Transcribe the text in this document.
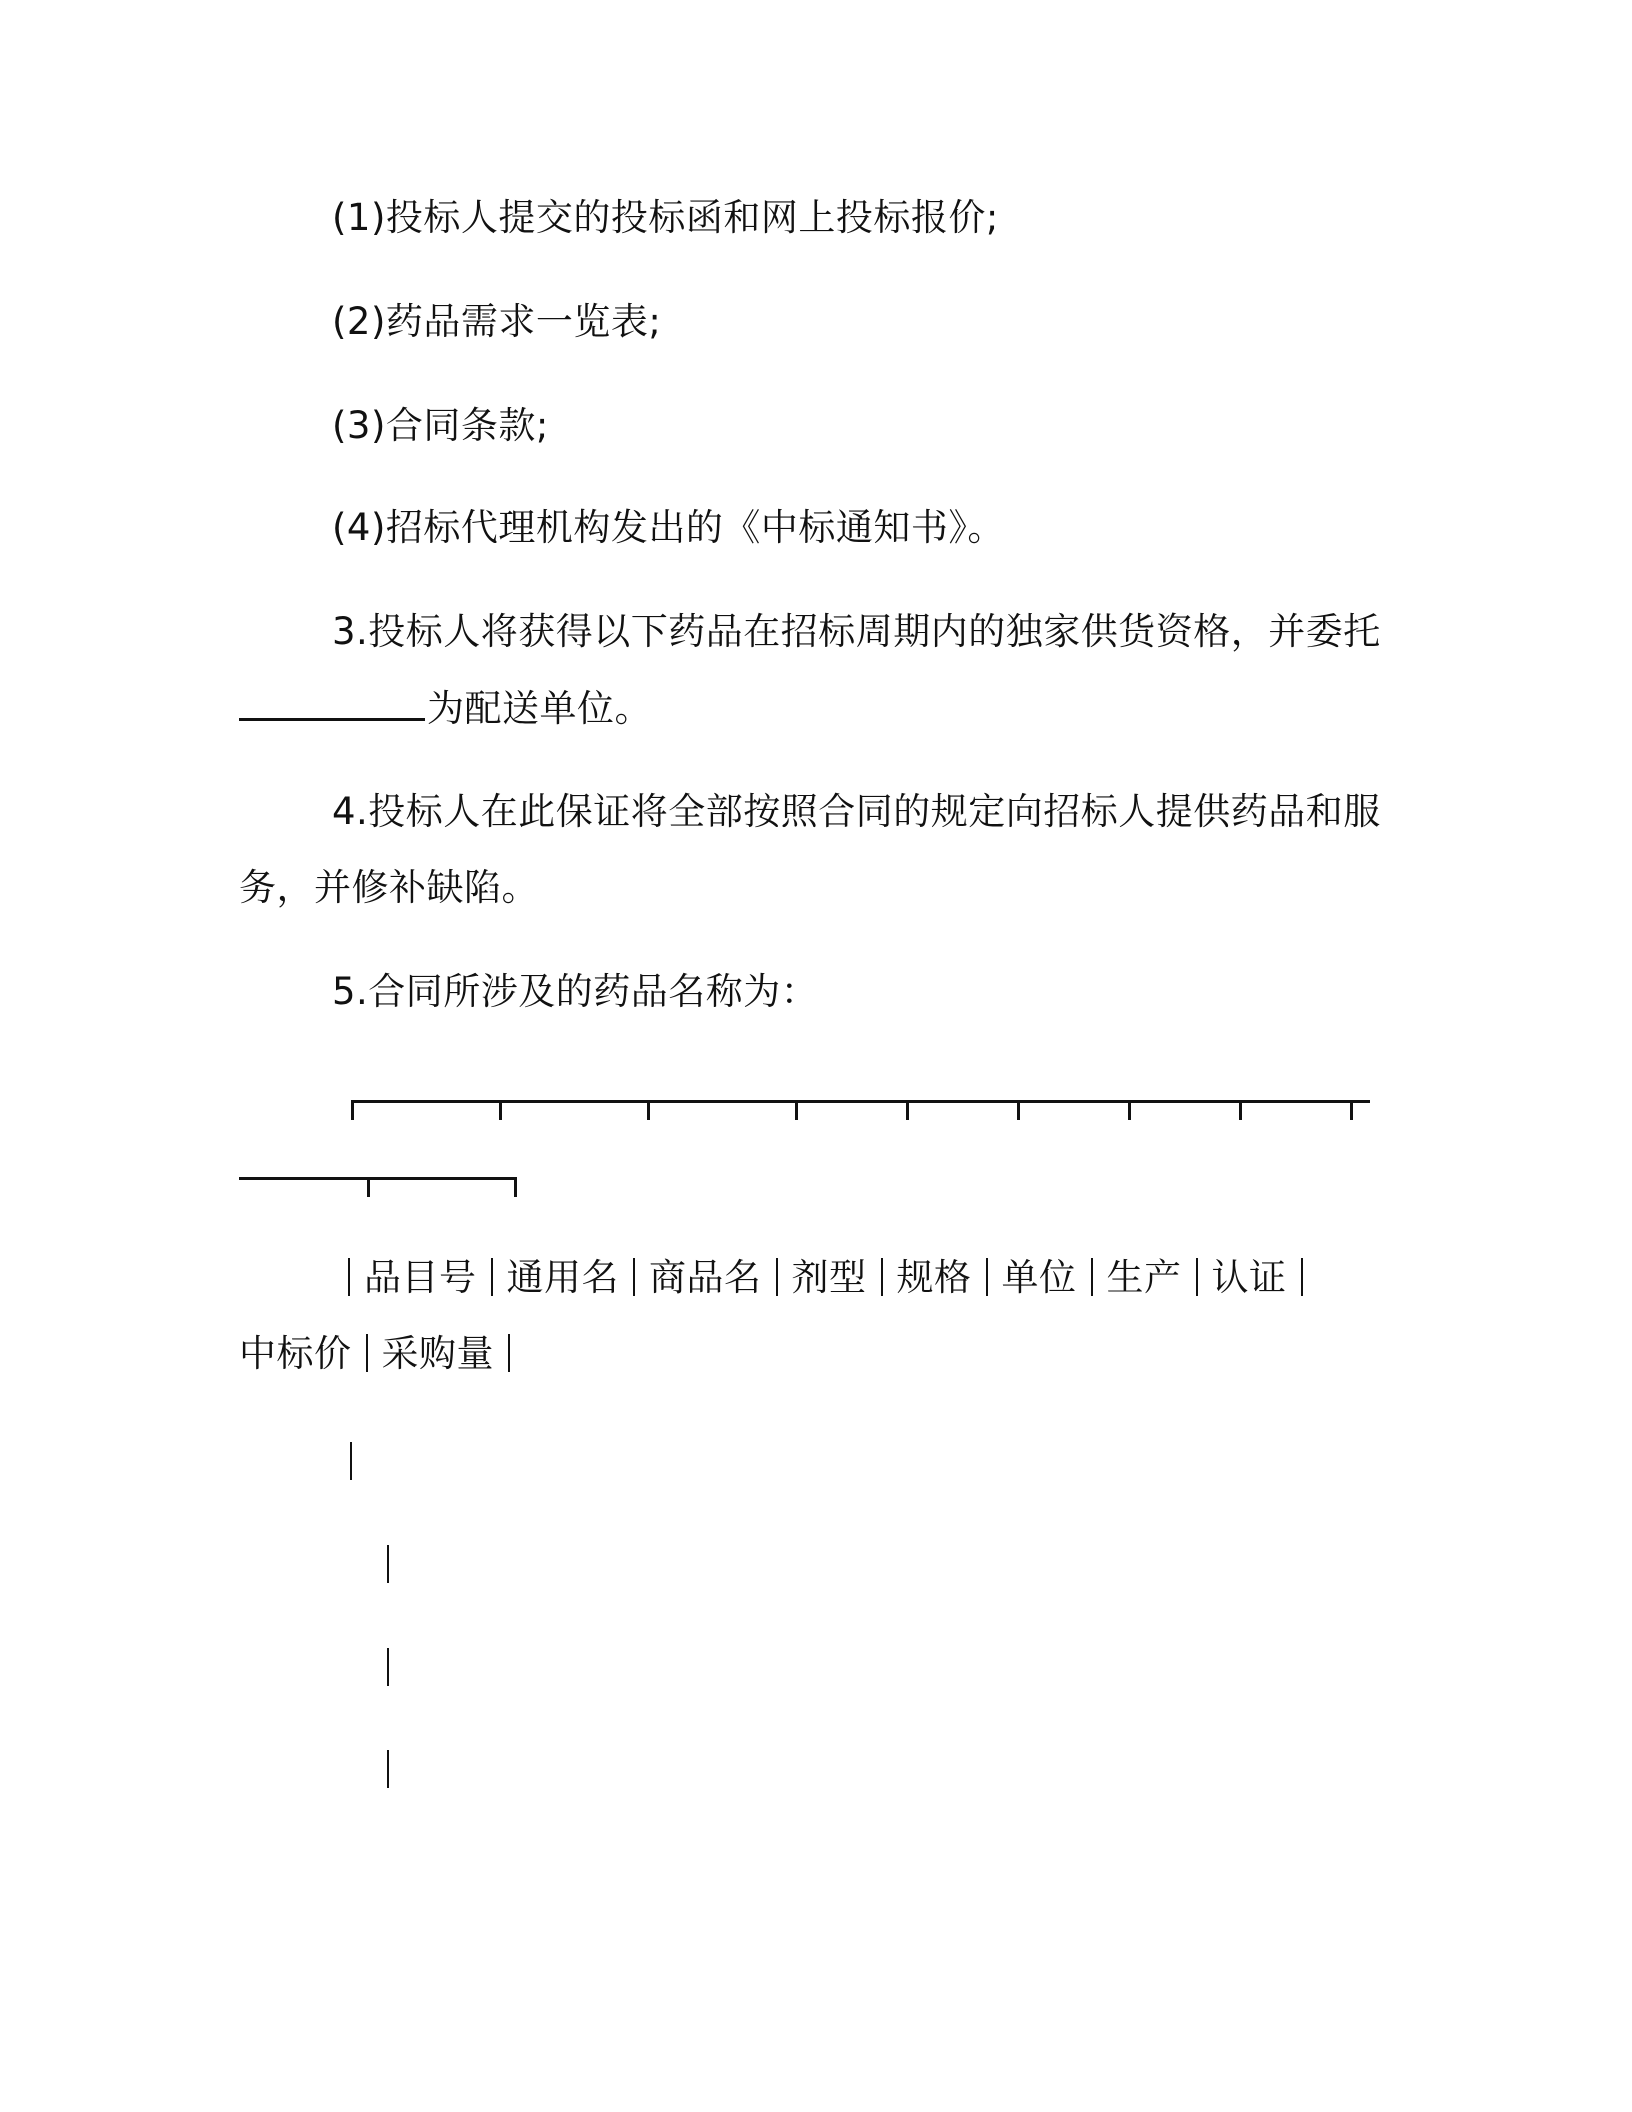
(1)投标人提交的投标函和网上投标报价;
(2)药品需求一览表;
(3)合同条款;
(4)招标代理机构发出的《中标通知书》。
3.投标人将获得以下药品在招标周期内的独家供货资格，并委托
为配送单位。
4.投标人在此保证将全部按照合同的规定向招标人提供药品和服
务，并修补缺陷。
5.合同所涉及的药品名称为：
品目号 通用名 商品名 剂型 规格 单位 生产 认证
中标价 采购量
